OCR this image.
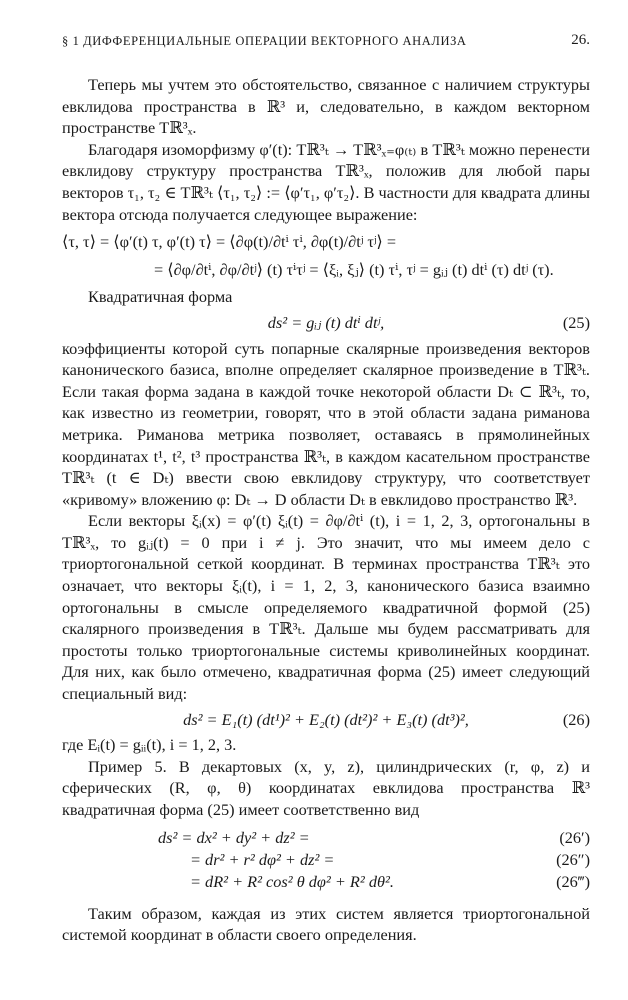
§ 1 ДИФФЕРЕНЦИАЛЬНЫЕ ОПЕРАЦИИ ВЕКТОРНОГО АНАЛИЗА	26.

Теперь мы учтем это обстоятельство, связанное с наличием структуры евклидова пространства в ℝ³ и, следовательно, в каждом векторном пространстве Tℝ³ₓ.

Благодаря изоморфизму φ′(t): Tℝ³ₜ → Tℝ³ₓ₌φ₍ₜ₎ в Tℝ³ₜ можно перенести евклидову структуру пространства Tℝ³ₓ, положив для любой пары векторов τ₁, τ₂ ∈ Tℝ³ₜ ⟨τ₁, τ₂⟩ := ⟨φ′τ₁, φ′τ₂⟩. В частности для квадрата длины вектора отсюда получается следующее выражение:

⟨τ, τ⟩ = ⟨φ′(t) τ, φ′(t) τ⟩ = ⟨∂φ(t)/∂tⁱ τⁱ, ∂φ(t)/∂tʲ τʲ⟩ =
= ⟨∂φ/∂tⁱ, ∂φ/∂tʲ⟩ (t) τⁱτʲ = ⟨ξᵢ, ξⱼ⟩ (t) τⁱ, τʲ = gᵢⱼ (t) dtⁱ (τ) dtʲ (τ).

Квадратичная форма

ds² = gᵢⱼ (t) dtⁱ dtʲ,	(25)

коэффициенты которой суть попарные скалярные произведения векторов канонического базиса, вполне определяет скалярное произведение в Tℝ³ₜ. Если такая форма задана в каждой точке некоторой области Dₜ ⊂ ℝ³ₜ, то, как известно из геометрии, говорят, что в этой области задана римановa метрика. Риманова метрика позволяет, оставаясь в прямолинейных координатах t¹, t², t³ пространства ℝ³ₜ, в каждом касательном пространстве Tℝ³ₜ (t ∈ Dₜ) ввести свою евклидову структуру, что соответствует «кривому» вложению φ: Dₜ → D области Dₜ в евклидово пространство ℝ³.

Если векторы ξᵢ(x) = φ′(t) ξᵢ(t) = ∂φ/∂tⁱ (t), i = 1, 2, 3, ортогональны в Tℝ³ₓ, то gᵢⱼ(t) = 0 при i ≠ j. Это значит, что мы имеем дело с триортогональной сеткой координат. В терминах пространства Tℝ³ₜ это означает, что векторы ξᵢ(t), i = 1, 2, 3, канонического базиса взаимно ортогональны в смысле определяемого квадратичной формой (25) скалярного произведения в Tℝ³ₜ. Дальше мы будем рассматривать для простоты только триортогональные системы криволинейных координат. Для них, как было отмечено, квадратичная форма (25) имеет следующий специальный вид:

ds² = E₁(t) (dt¹)² + E₂(t) (dt²)² + E₃(t) (dt³)²,	(26)

где Eᵢ(t) = gᵢᵢ(t), i = 1, 2, 3.

Пример 5. В декартовых (x, y, z), цилиндрических (r, φ, z) и сферических (R, φ, θ) координатах евклидова пространства ℝ³ квадратичная форма (25) имеет соответственно вид

ds² = dx² + dy² + dz² =	(26′)
= dr² + r² dφ² + dz² =	(26″)
= dR² + R² cos² θ dφ² + R² dθ².	(26‴)

Таким образом, каждая из этих систем является триортогональной системой координат в области своего определения.
